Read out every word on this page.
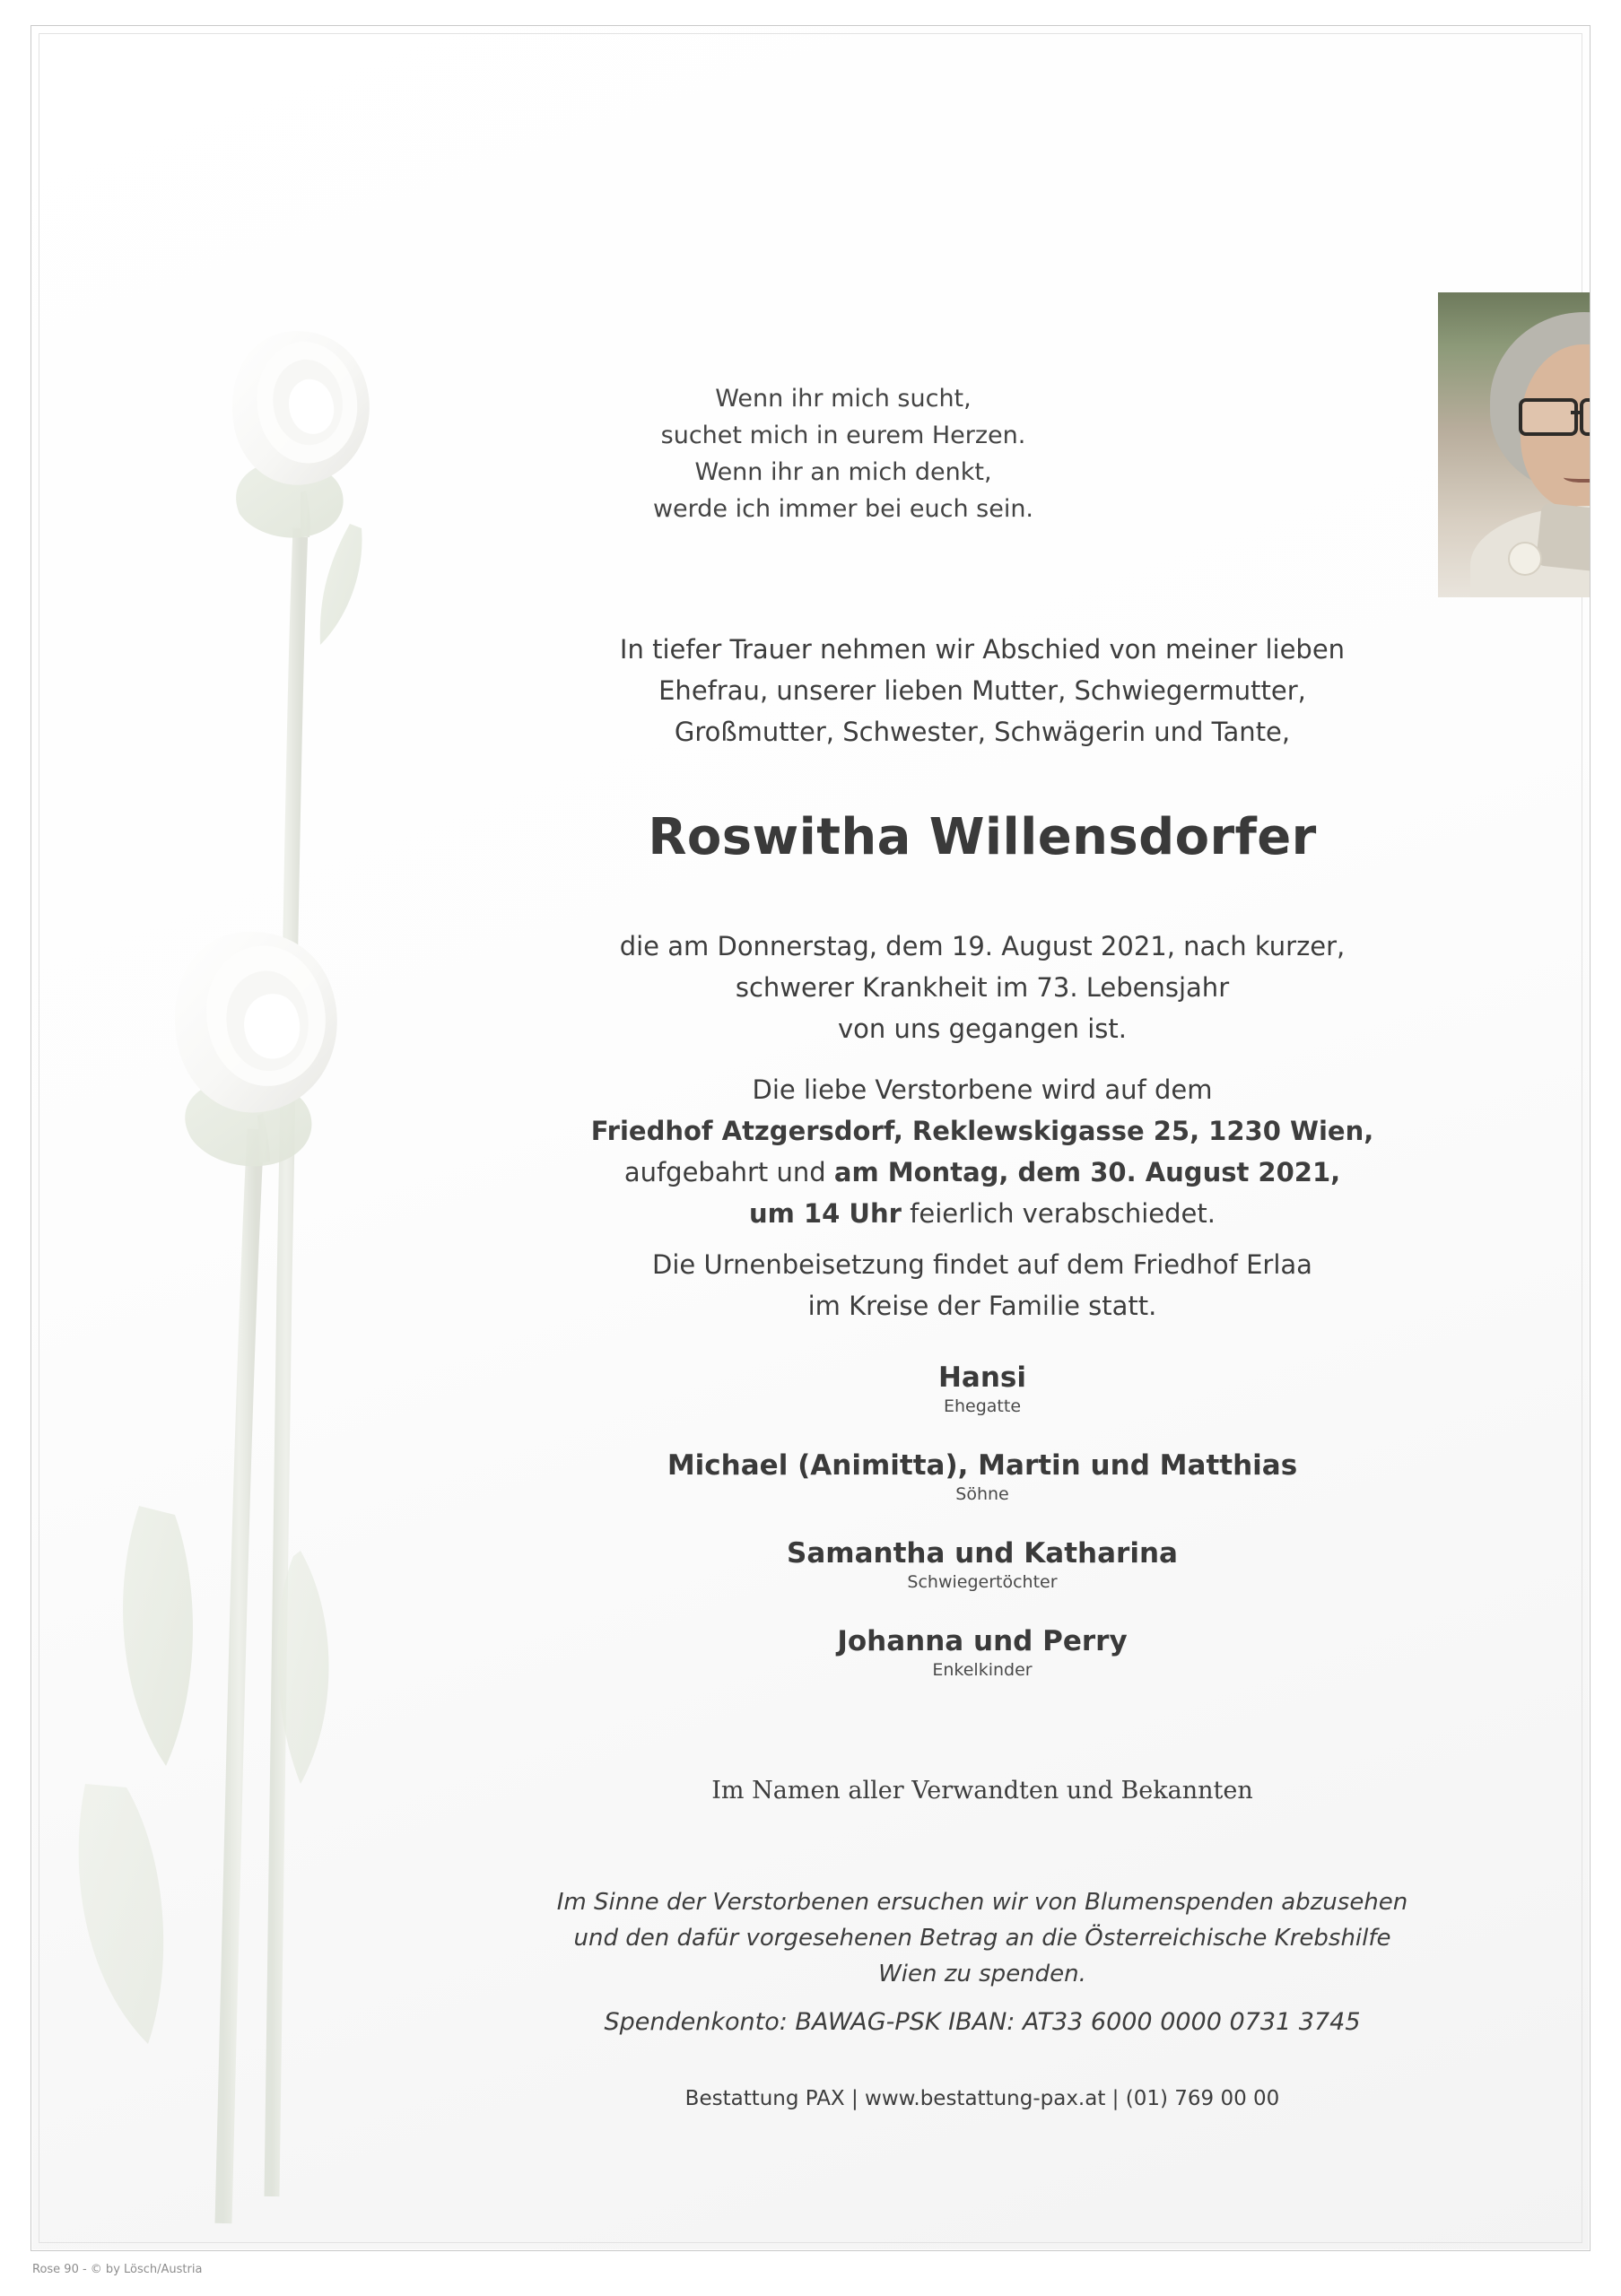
Wenn ihr mich sucht,
suchet mich in eurem Herzen.
Wenn ihr an mich denkt,
werde ich immer bei euch sein.
In tiefer Trauer nehmen wir Abschied von meiner lieben
Ehefrau, unserer lieben Mutter, Schwiegermutter,
Großmutter, Schwester, Schwägerin und Tante,
Roswitha Willensdorfer
die am Donnerstag, dem 19. August 2021, nach kurzer,
schwerer Krankheit im 73. Lebensjahr
von uns gegangen ist.
Die liebe Verstorbene wird auf dem
Friedhof Atzgersdorf, Reklewskigasse 25, 1230 Wien,
aufgebahrt und am Montag, dem 30. August 2021,
um 14 Uhr feierlich verabschiedet.
Die Urnenbeisetzung findet auf dem Friedhof Erlaa
im Kreise der Familie statt.
Hansi
Ehegatte
Michael (Animitta), Martin und Matthias
Söhne
Samantha und Katharina
Schwiegertöchter
Johanna und Perry
Enkelkinder
Im Namen aller Verwandten und Bekannten
Im Sinne der Verstorbenen ersuchen wir von Blumenspenden abzusehen
und den dafür vorgesehenen Betrag an die Österreichische Krebshilfe
Wien zu spenden.
Spendenkonto: BAWAG-PSK IBAN: AT33 6000 0000 0731 3745
Bestattung PAX | www.bestattung-pax.at | (01) 769 00 00
Rose 90 - © by Lösch/Austria
